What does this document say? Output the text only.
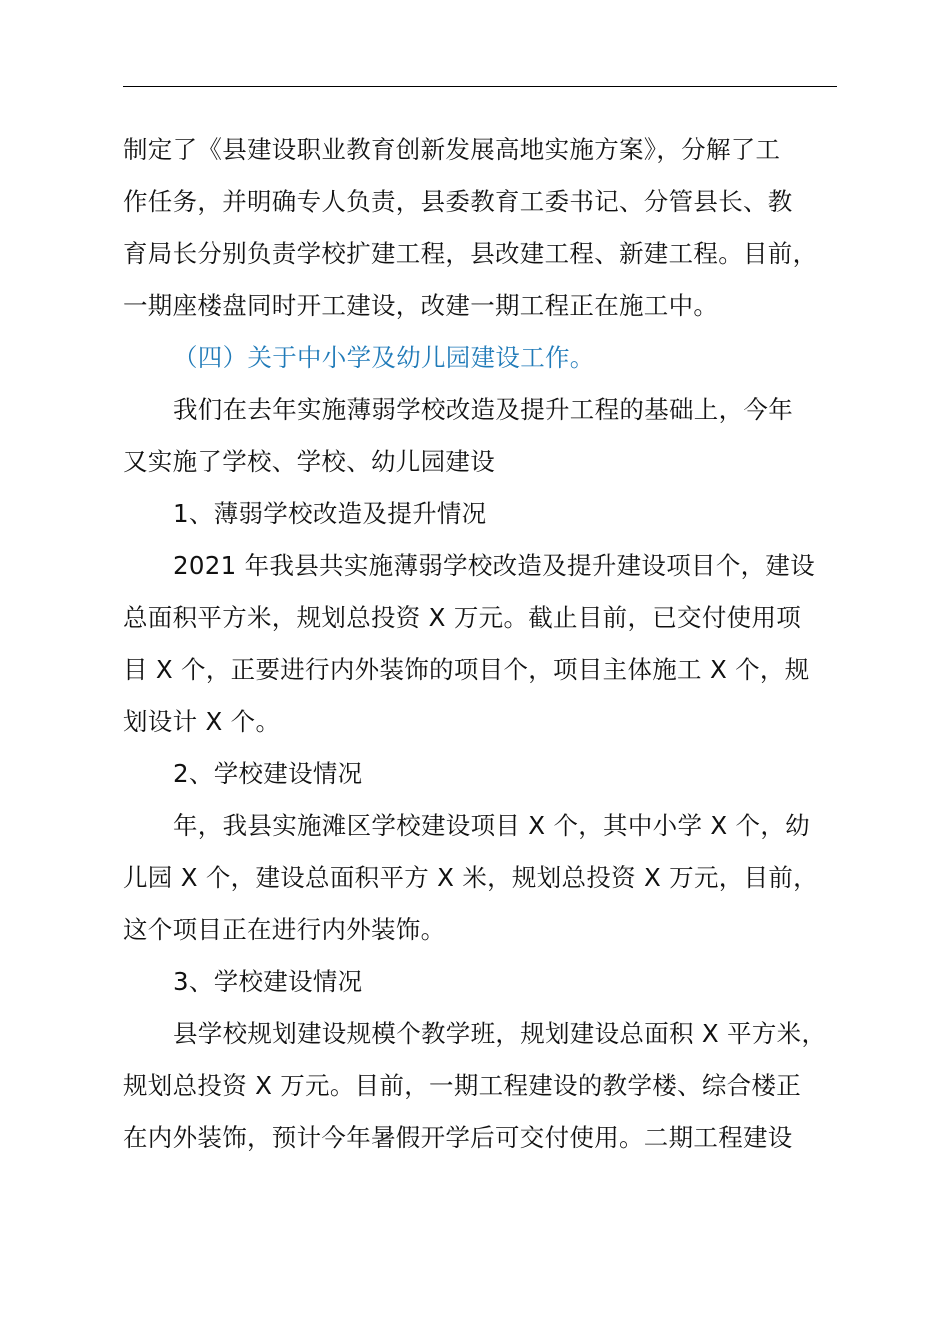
制定了《县建设职业教育创新发展高地实施方案》，分解了工
作任务，并明确专人负责，县委教育工委书记、分管县长、教
育局长分别负责学校扩建工程，县改建工程、新建工程。目前，
一期座楼盘同时开工建设，改建一期工程正在施工中。
（四）关于中小学及幼儿园建设工作。
我们在去年实施薄弱学校改造及提升工程的基础上，今年
又实施了学校、学校、幼儿园建设
1、薄弱学校改造及提升情况
2021 年我县共实施薄弱学校改造及提升建设项目个，建设
总面积平方米，规划总投资 X 万元。截止目前，已交付使用项
目 X 个，正要进行内外装饰的项目个，项目主体施工 X 个，规
划设计 X 个。
2、学校建设情况
年，我县实施滩区学校建设项目 X 个，其中小学 X 个，幼
儿园 X 个，建设总面积平方 X 米，规划总投资 X 万元，目前，
这个项目正在进行内外装饰。
3、学校建设情况
县学校规划建设规模个教学班，规划建设总面积 X 平方米，
规划总投资 X 万元。目前，一期工程建设的教学楼、综合楼正
在内外装饰，预计今年暑假开学后可交付使用。二期工程建设
